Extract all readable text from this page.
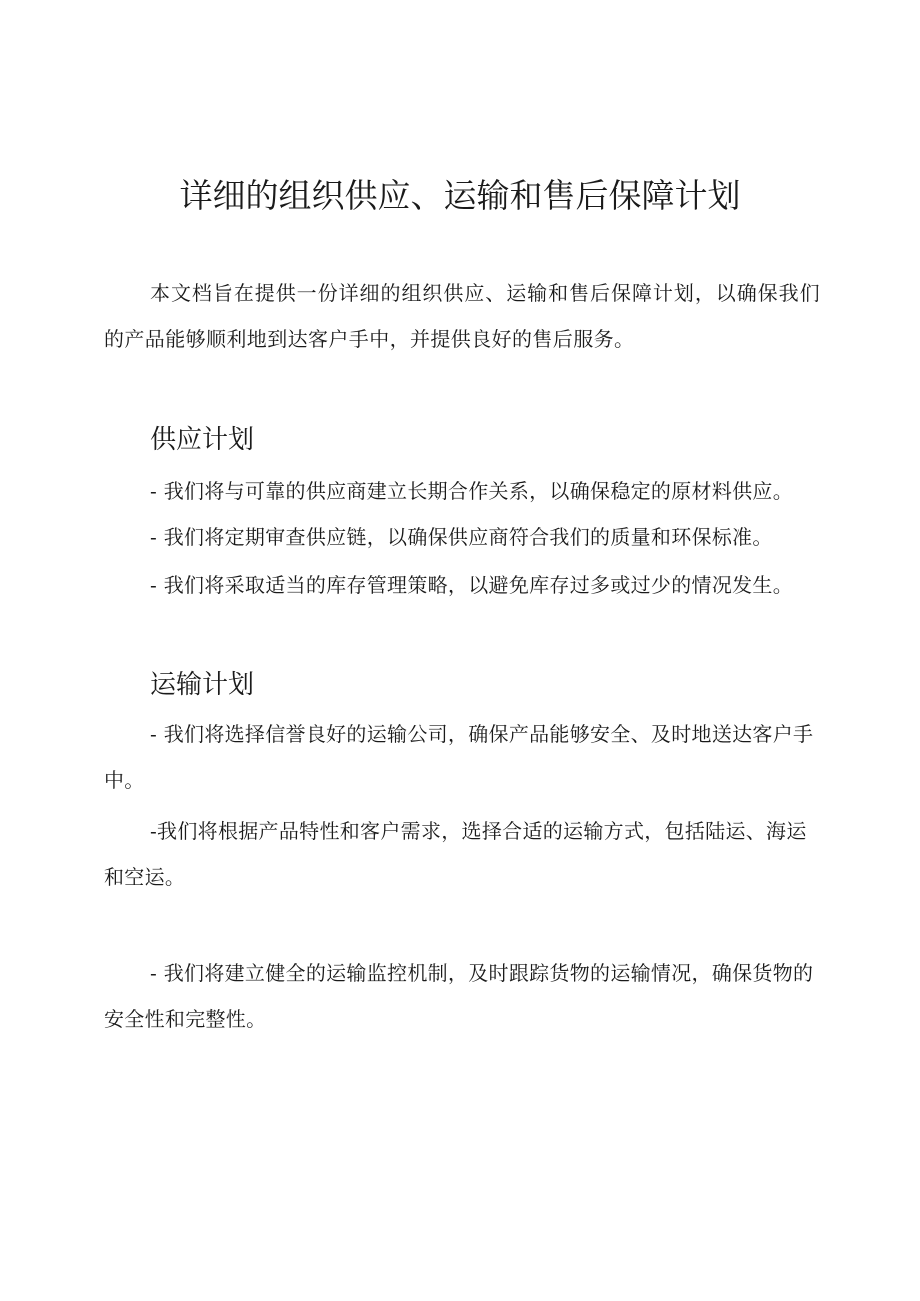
详细的组织供应、运输和售后保障计划

本文档旨在提供一份详细的组织供应、运输和售后保障计划，以确保我们的产品能够顺利地到达客户手中，并提供良好的售后服务。

供应计划

- 我们将与可靠的供应商建立长期合作关系，以确保稳定的原材料供应。

- 我们将定期审查供应链，以确保供应商符合我们的质量和环保标准。

- 我们将采取适当的库存管理策略，以避免库存过多或过少的情况发生。

运输计划

- 我们将选择信誉良好的运输公司，确保产品能够安全、及时地送达客户手中。

-我们将根据产品特性和客户需求，选择合适的运输方式，包括陆运、海运和空运。

- 我们将建立健全的运输监控机制，及时跟踪货物的运输情况，确保货物的安全性和完整性。
